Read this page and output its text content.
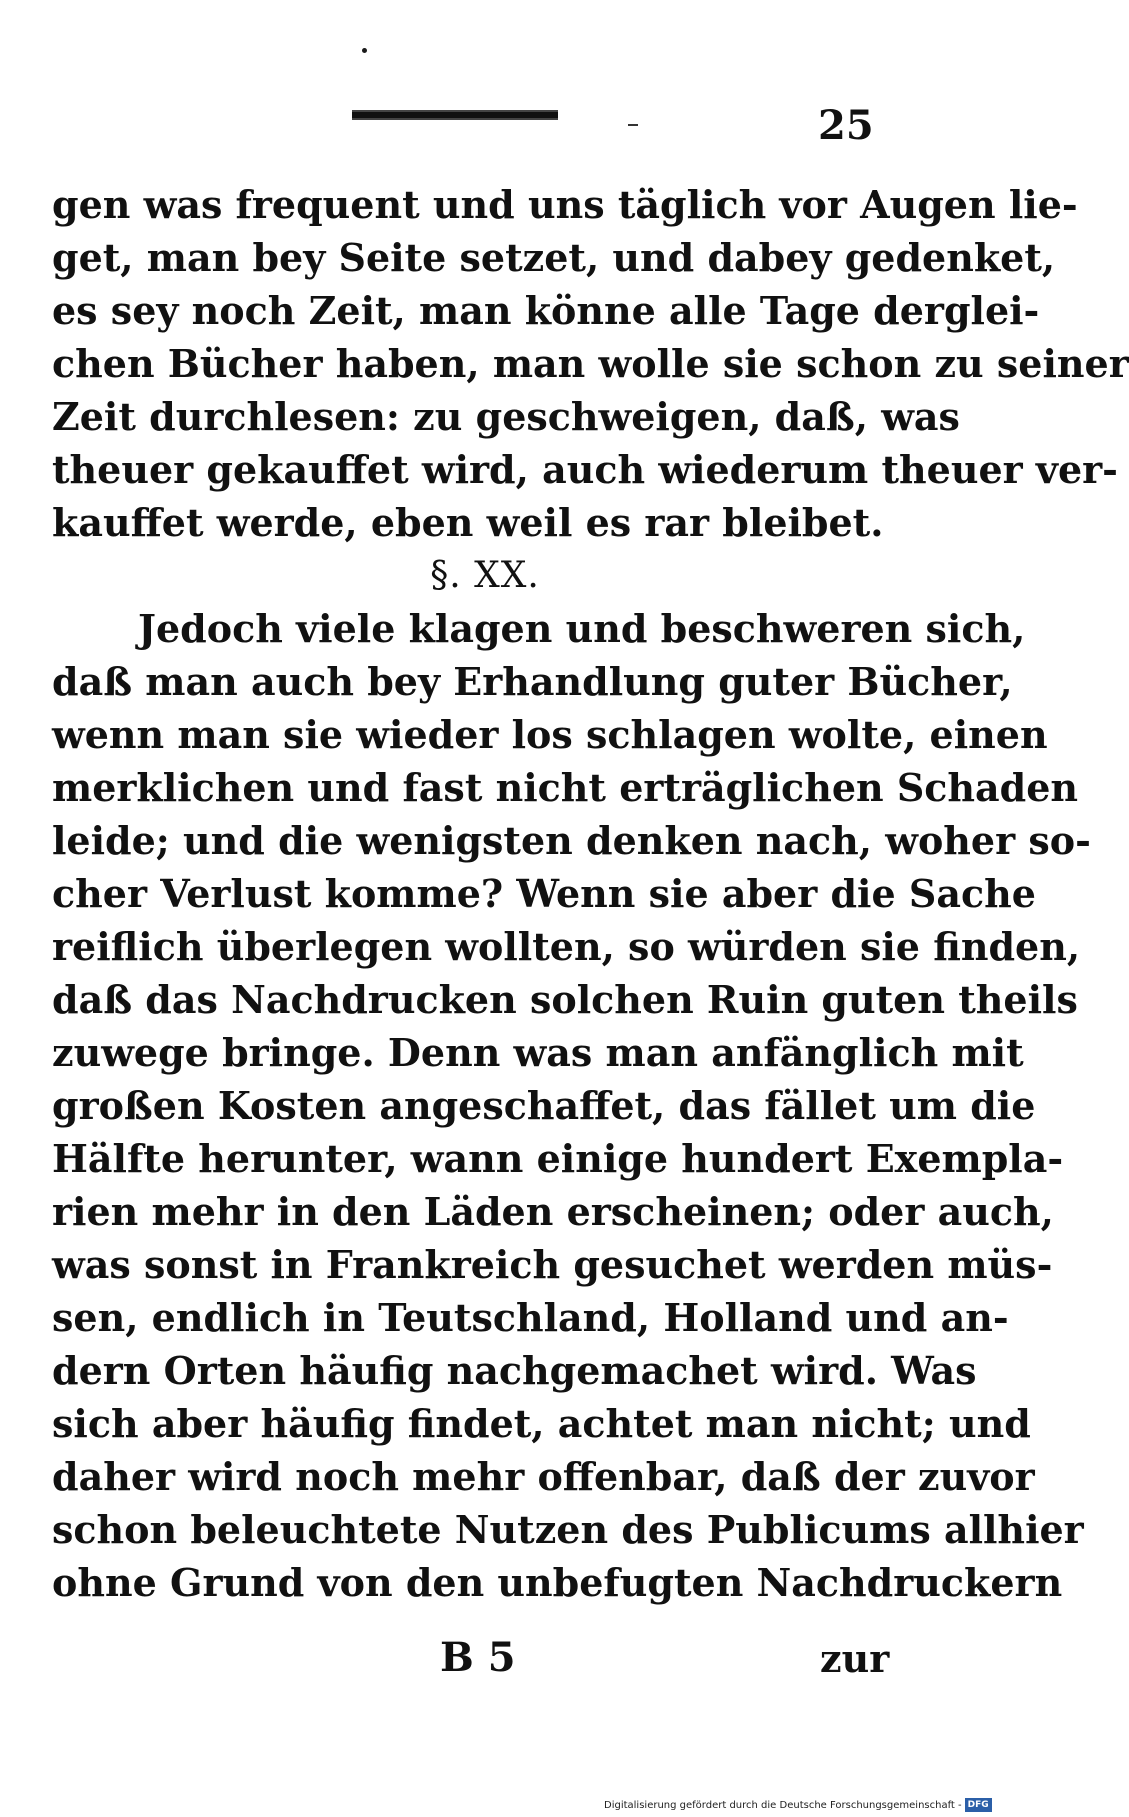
25
gen was frequent und uns täglich vor Augen lie-
get, man bey Seite setzet, und dabey gedenket,
es sey noch Zeit, man könne alle Tage derglei-
chen Bücher haben, man wolle sie schon zu seiner
Zeit durchlesen: zu geschweigen, daß, was
theuer gekauffet wird, auch wiederum theuer ver-
kauffet werde, eben weil es rar bleibet.
§. XX.
Jedoch viele klagen und beschweren sich,
daß man auch bey Erhandlung guter Bücher,
wenn man sie wieder los schlagen wolte, einen
merklichen und fast nicht erträglichen Schaden
leide; und die wenigsten denken nach, woher so-
cher Verlust komme? Wenn sie aber die Sache
reiflich überlegen wollten, so würden sie finden,
daß das Nachdrucken solchen Ruin guten theils
zuwege bringe. Denn was man anfänglich mit
großen Kosten angeschaffet, das fället um die
Hälfte herunter, wann einige hundert Exempla-
rien mehr in den Läden erscheinen; oder auch,
was sonst in Frankreich gesuchet werden müs-
sen, endlich in Teutschland, Holland und an-
dern Orten häufig nachgemachet wird. Was
sich aber häufig findet, achtet man nicht; und
daher wird noch mehr offenbar, daß der zuvor
schon beleuchtete Nutzen des Publicums allhier
ohne Grund von den unbefugten Nachdruckern
B 5	zur
Digitalisierung gefördert durch die Deutsche Forschungsgemeinschaft - DFG
